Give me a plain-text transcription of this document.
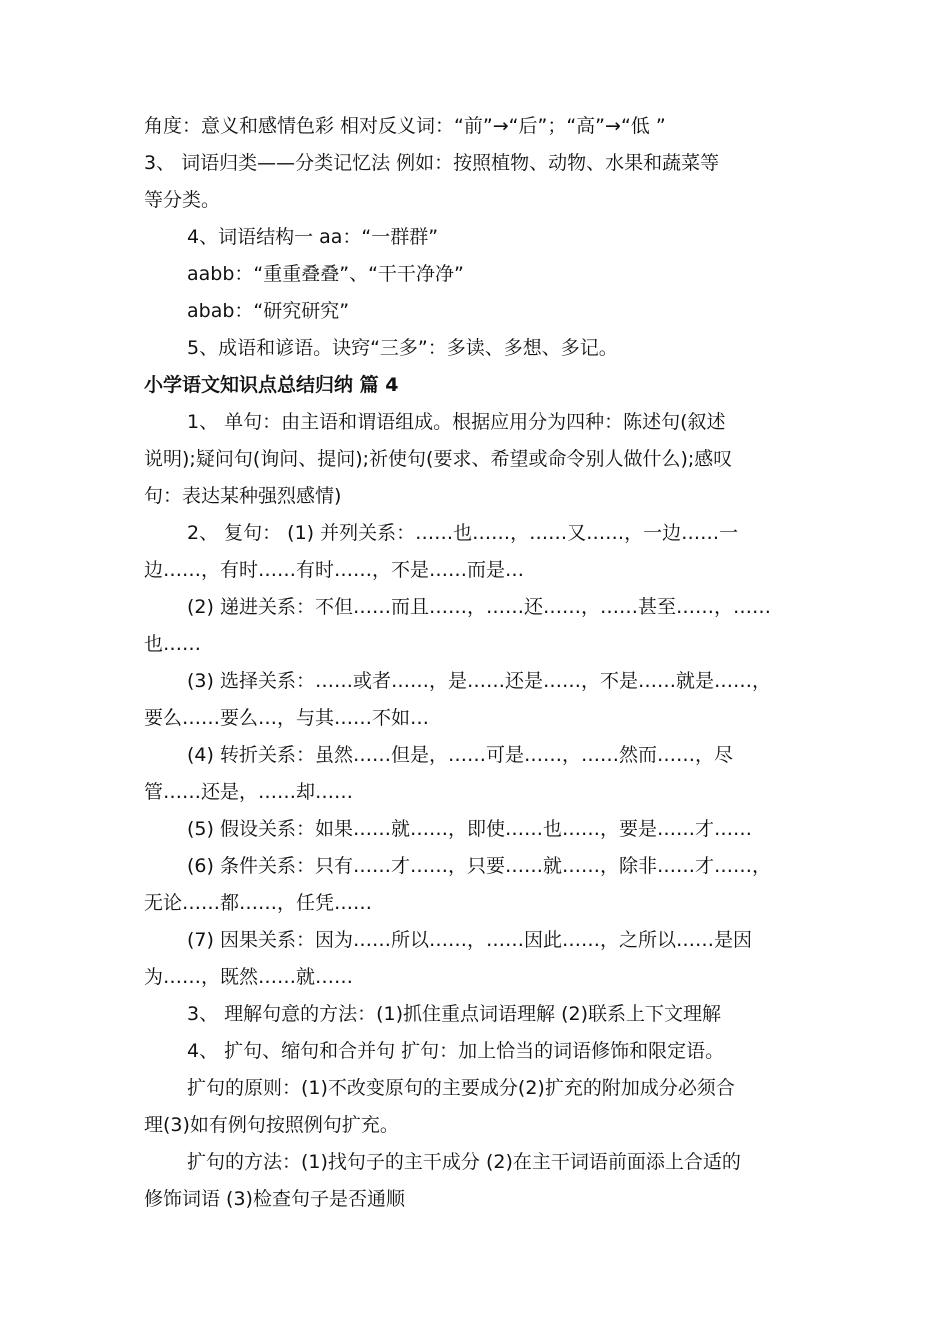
角度：意义和感情色彩 相对反义词：“前”→“后”；“高”→“低 ”
3、 词语归类——分类记忆法 例如：按照植物、动物、水果和蔬菜等
等分类。
4、词语结构一 aa：“一群群”
aabb：“重重叠叠”、“干干净净”
abab：“研究研究”
5、成语和谚语。诀窍“三多”：多读、多想、多记。
小学语文知识点总结归纳 篇 4
1、 单句：由主语和谓语组成。根据应用分为四种：陈述句(叙述
说明);疑问句(询问、提问);祈使句(要求、希望或命令别人做什么);感叹
句：表达某种强烈感情)
2、 复句： (1) 并列关系：……也……，……又……，一边……一
边……，有时……有时……，不是……而是…
(2) 递进关系：不但……而且……，……还……，……甚至……，……
也……
(3) 选择关系：……或者……，是……还是……，不是……就是……，
要么……要么…，与其……不如…
(4) 转折关系：虽然……但是，……可是……，……然而……，尽
管……还是，……却……
(5) 假设关系：如果……就……，即使……也……，要是……才……
(6) 条件关系：只有……才……，只要……就……，除非……才……，
无论……都……，任凭……
(7) 因果关系：因为……所以……，……因此……，之所以……是因
为……，既然……就……
3、 理解句意的方法：(1)抓住重点词语理解 (2)联系上下文理解
4、 扩句、缩句和合并句 扩句：加上恰当的词语修饰和限定语。
扩句的原则：(1)不改变原句的主要成分(2)扩充的附加成分必须合
理(3)如有例句按照例句扩充。
扩句的方法：(1)找句子的主干成分 (2)在主干词语前面添上合适的
修饰词语 (3)检查句子是否通顺
